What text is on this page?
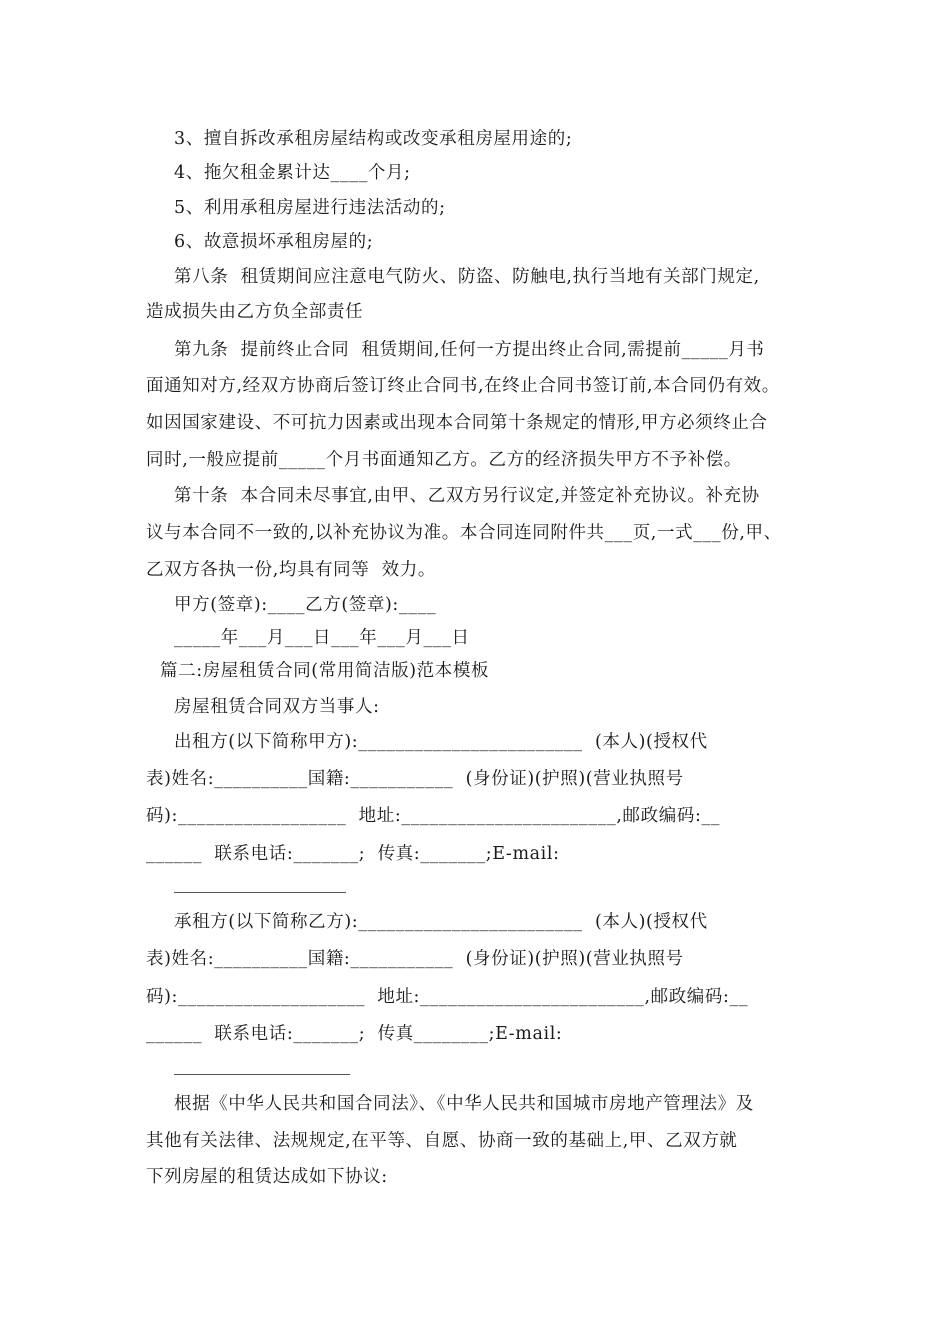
3、擅自拆改承租房屋结构或改变承租房屋用途的;
4、拖欠租金累计达____个月;
5、利用承租房屋进行违法活动的;
6、故意损坏承租房屋的;
第八条  租赁期间应注意电气防火、防盗、防触电,执行当地有关部门规定,
造成损失由乙方负全部责任
第九条  提前终止合同  租赁期间,任何一方提出终止合同,需提前_____月书
面通知对方,经双方协商后签订终止合同书,在终止合同书签订前,本合同仍有效。
如因国家建设、不可抗力因素或出现本合同第十条规定的情形,甲方必须终止合
同时,一般应提前_____个月书面通知乙方。乙方的经济损失甲方不予补偿。
第十条  本合同未尽事宜,由甲、乙双方另行议定,并签定补充协议。补充协
议与本合同不一致的,以补充协议为准。本合同连同附件共___页,一式___份,甲、
乙双方各执一份,均具有同等  效力。
甲方(签章):____乙方(签章):____
_____年___月___日___年___月___日
篇二:房屋租赁合同(常用简洁版)范本模板
房屋租赁合同双方当事人:
出租方(以下简称甲方):________________________  (本人)(授权代
表)姓名:__________国籍:___________  (身份证)(护照)(营业执照号
码):__________________  地址:_______________________,邮政编码:__
______  联系电话:_______;  传真:_______;E-mail:
承租方(以下简称乙方):________________________  (本人)(授权代
表)姓名:__________国籍:___________  (身份证)(护照)(营业执照号
码):____________________  地址:________________________,邮政编码:__
______  联系电话:_______;  传真________;E-mail:
根据《中华人民共和国合同法》、《中华人民共和国城市房地产管理法》及
其他有关法律、法规规定,在平等、自愿、协商一致的基础上,甲、乙双方就
下列房屋的租赁达成如下协议:
